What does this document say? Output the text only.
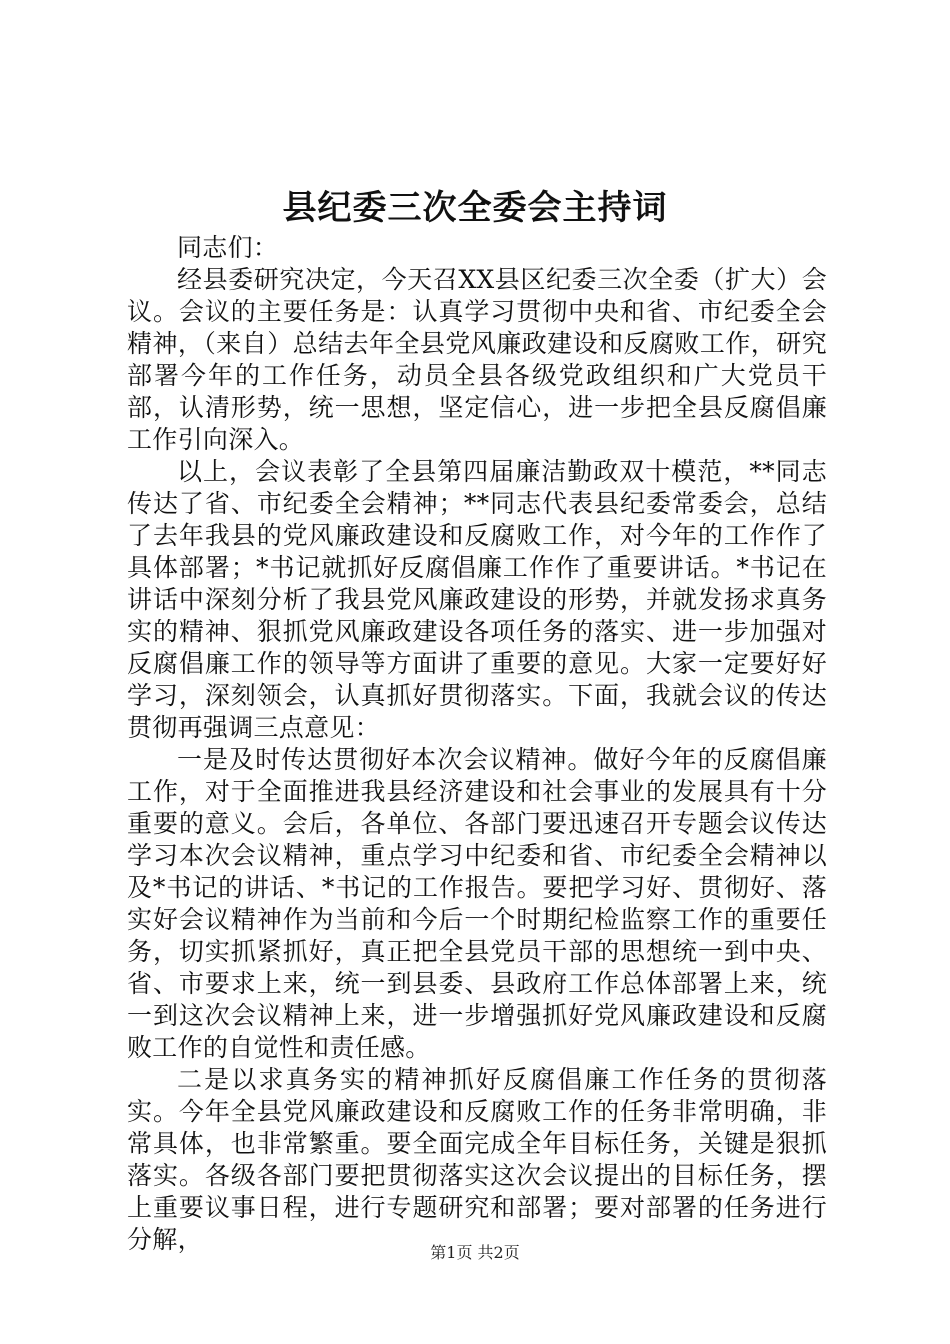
县纪委三次全委会主持词

同志们：

经县委研究决定，今天召XX县区纪委三次全委（扩大）会议。会议的主要任务是：认真学习贯彻中央和省、市纪委全会精神，（来自）总结去年全县党风廉政建设和反腐败工作，研究部署今年的工作任务，动员全县各级党政组织和广大党员干部，认清形势，统一思想，坚定信心，进一步把全县反腐倡廉工作引向深入。

以上，会议表彰了全县第四届廉洁勤政双十模范，**同志传达了省、市纪委全会精神；**同志代表县纪委常委会，总结了去年我县的党风廉政建设和反腐败工作，对今年的工作作了具体部署；*书记就抓好反腐倡廉工作作了重要讲话。*书记在讲话中深刻分析了我县党风廉政建设的形势，并就发扬求真务实的精神、狠抓党风廉政建设各项任务的落实、进一步加强对反腐倡廉工作的领导等方面讲了重要的意见。大家一定要好好学习，深刻领会，认真抓好贯彻落实。下面，我就会议的传达贯彻再强调三点意见：

一是及时传达贯彻好本次会议精神。做好今年的反腐倡廉工作，对于全面推进我县经济建设和社会事业的发展具有十分重要的意义。会后，各单位、各部门要迅速召开专题会议传达学习本次会议精神，重点学习中纪委和省、市纪委全会精神以及*书记的讲话、*书记的工作报告。要把学习好、贯彻好、落实好会议精神作为当前和今后一个时期纪检监察工作的重要任务，切实抓紧抓好，真正把全县党员干部的思想统一到中央、省、市要求上来，统一到县委、县政府工作总体部署上来，统一到这次会议精神上来，进一步增强抓好党风廉政建设和反腐败工作的自觉性和责任感。

二是以求真务实的精神抓好反腐倡廉工作任务的贯彻落实。今年全县党风廉政建设和反腐败工作的任务非常明确，非常具体，也非常繁重。要全面完成全年目标任务，关键是狠抓落实。各级各部门要把贯彻落实这次会议提出的目标任务，摆上重要议事日程，进行专题研究和部署；要对部署的任务进行分解，	第1页 共2页
